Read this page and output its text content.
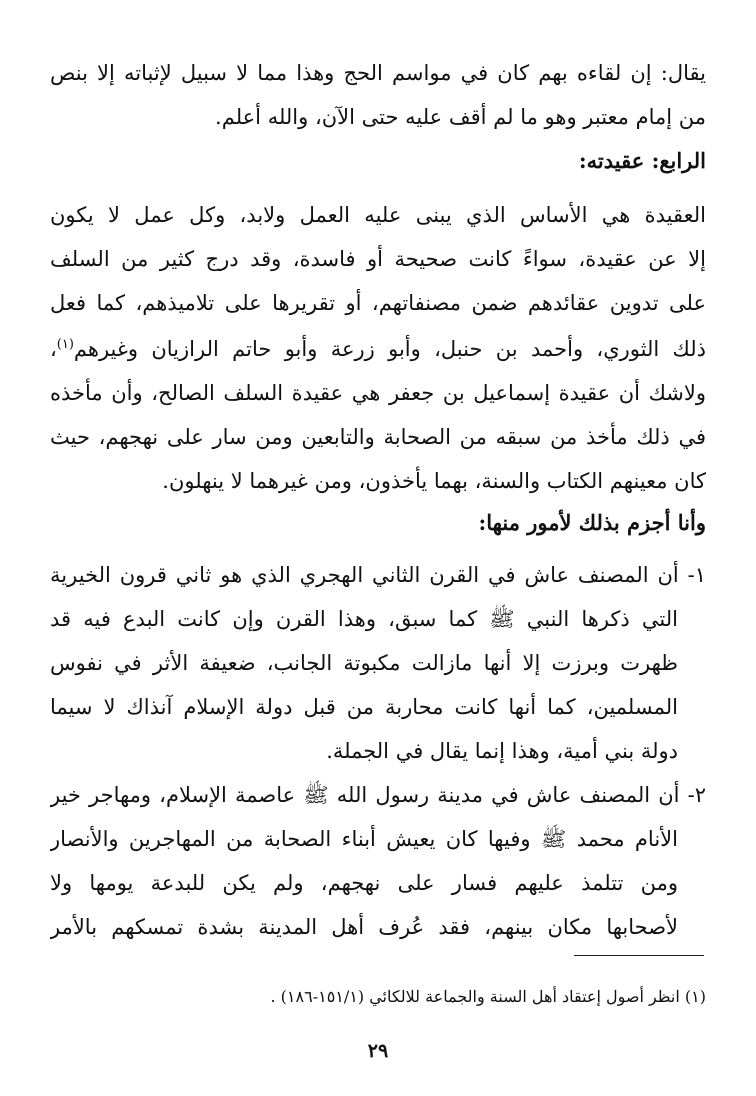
يقال: إن لقاءه بهم كان في مواسم الحج وهذا مما لا سبيل لإثباته إلا بنص
من إمام معتبر وهو ما لم أقف عليه حتى الآن، والله أعلم.
الرابع: عقيدته:
العقيدة هي الأساس الذي يبنى عليه العمل ولابد، وكل عمل لا يكون
إلا عن عقيدة، سواءً كانت صحيحة أو فاسدة، وقد درج كثير من السلف
على تدوين عقائدهم ضمن مصنفاتهم، أو تقريرها على تلاميذهم، كما فعل
ذلك الثوري، وأحمد بن حنبل، وأبو زرعة وأبو حاتم الرازيان وغيرهم$^{(١)}$،
ولاشك أن عقيدة إسماعيل بن جعفر هي عقيدة السلف الصالح، وأن مأخذه
في ذلك مأخذ من سبقه من الصحابة والتابعين ومن سار على نهجهم، حيث
كان معينهم الكتاب والسنة، بهما يأخذون، ومن غيرهما لا ينهلون.
وأنا أجزم بذلك لأمور منها:
١- أن المصنف عاش في القرن الثاني الهجري الذي هو ثاني قرون الخيرية
التي ذكرها النبي ﷺ كما سبق، وهذا القرن وإن كانت البدع فيه قد
ظهرت وبرزت إلا أنها مازالت مكبوتة الجانب، ضعيفة الأثر في نفوس
المسلمين، كما أنها كانت محاربة من قبل دولة الإسلام آنذاك لا سيما
دولة بني أمية، وهذا إنما يقال في الجملة.
٢- أن المصنف عاش في مدينة رسول الله ﷺ عاصمة الإسلام، ومهاجر خير
الأنام محمد ﷺ وفيها كان يعيش أبناء الصحابة من المهاجرين والأنصار
ومن تتلمذ عليهم فسار على نهجهم، ولم يكن للبدعة يومها ولا
لأصحابها مكان بينهم، فقد عُرف أهل المدينة بشدة تمسكهم بالأمر
(١) انظر أصول إعتقاد أهل السنة والجماعة للالكائي (١٥١/١-١٨٦) .
٢٩
